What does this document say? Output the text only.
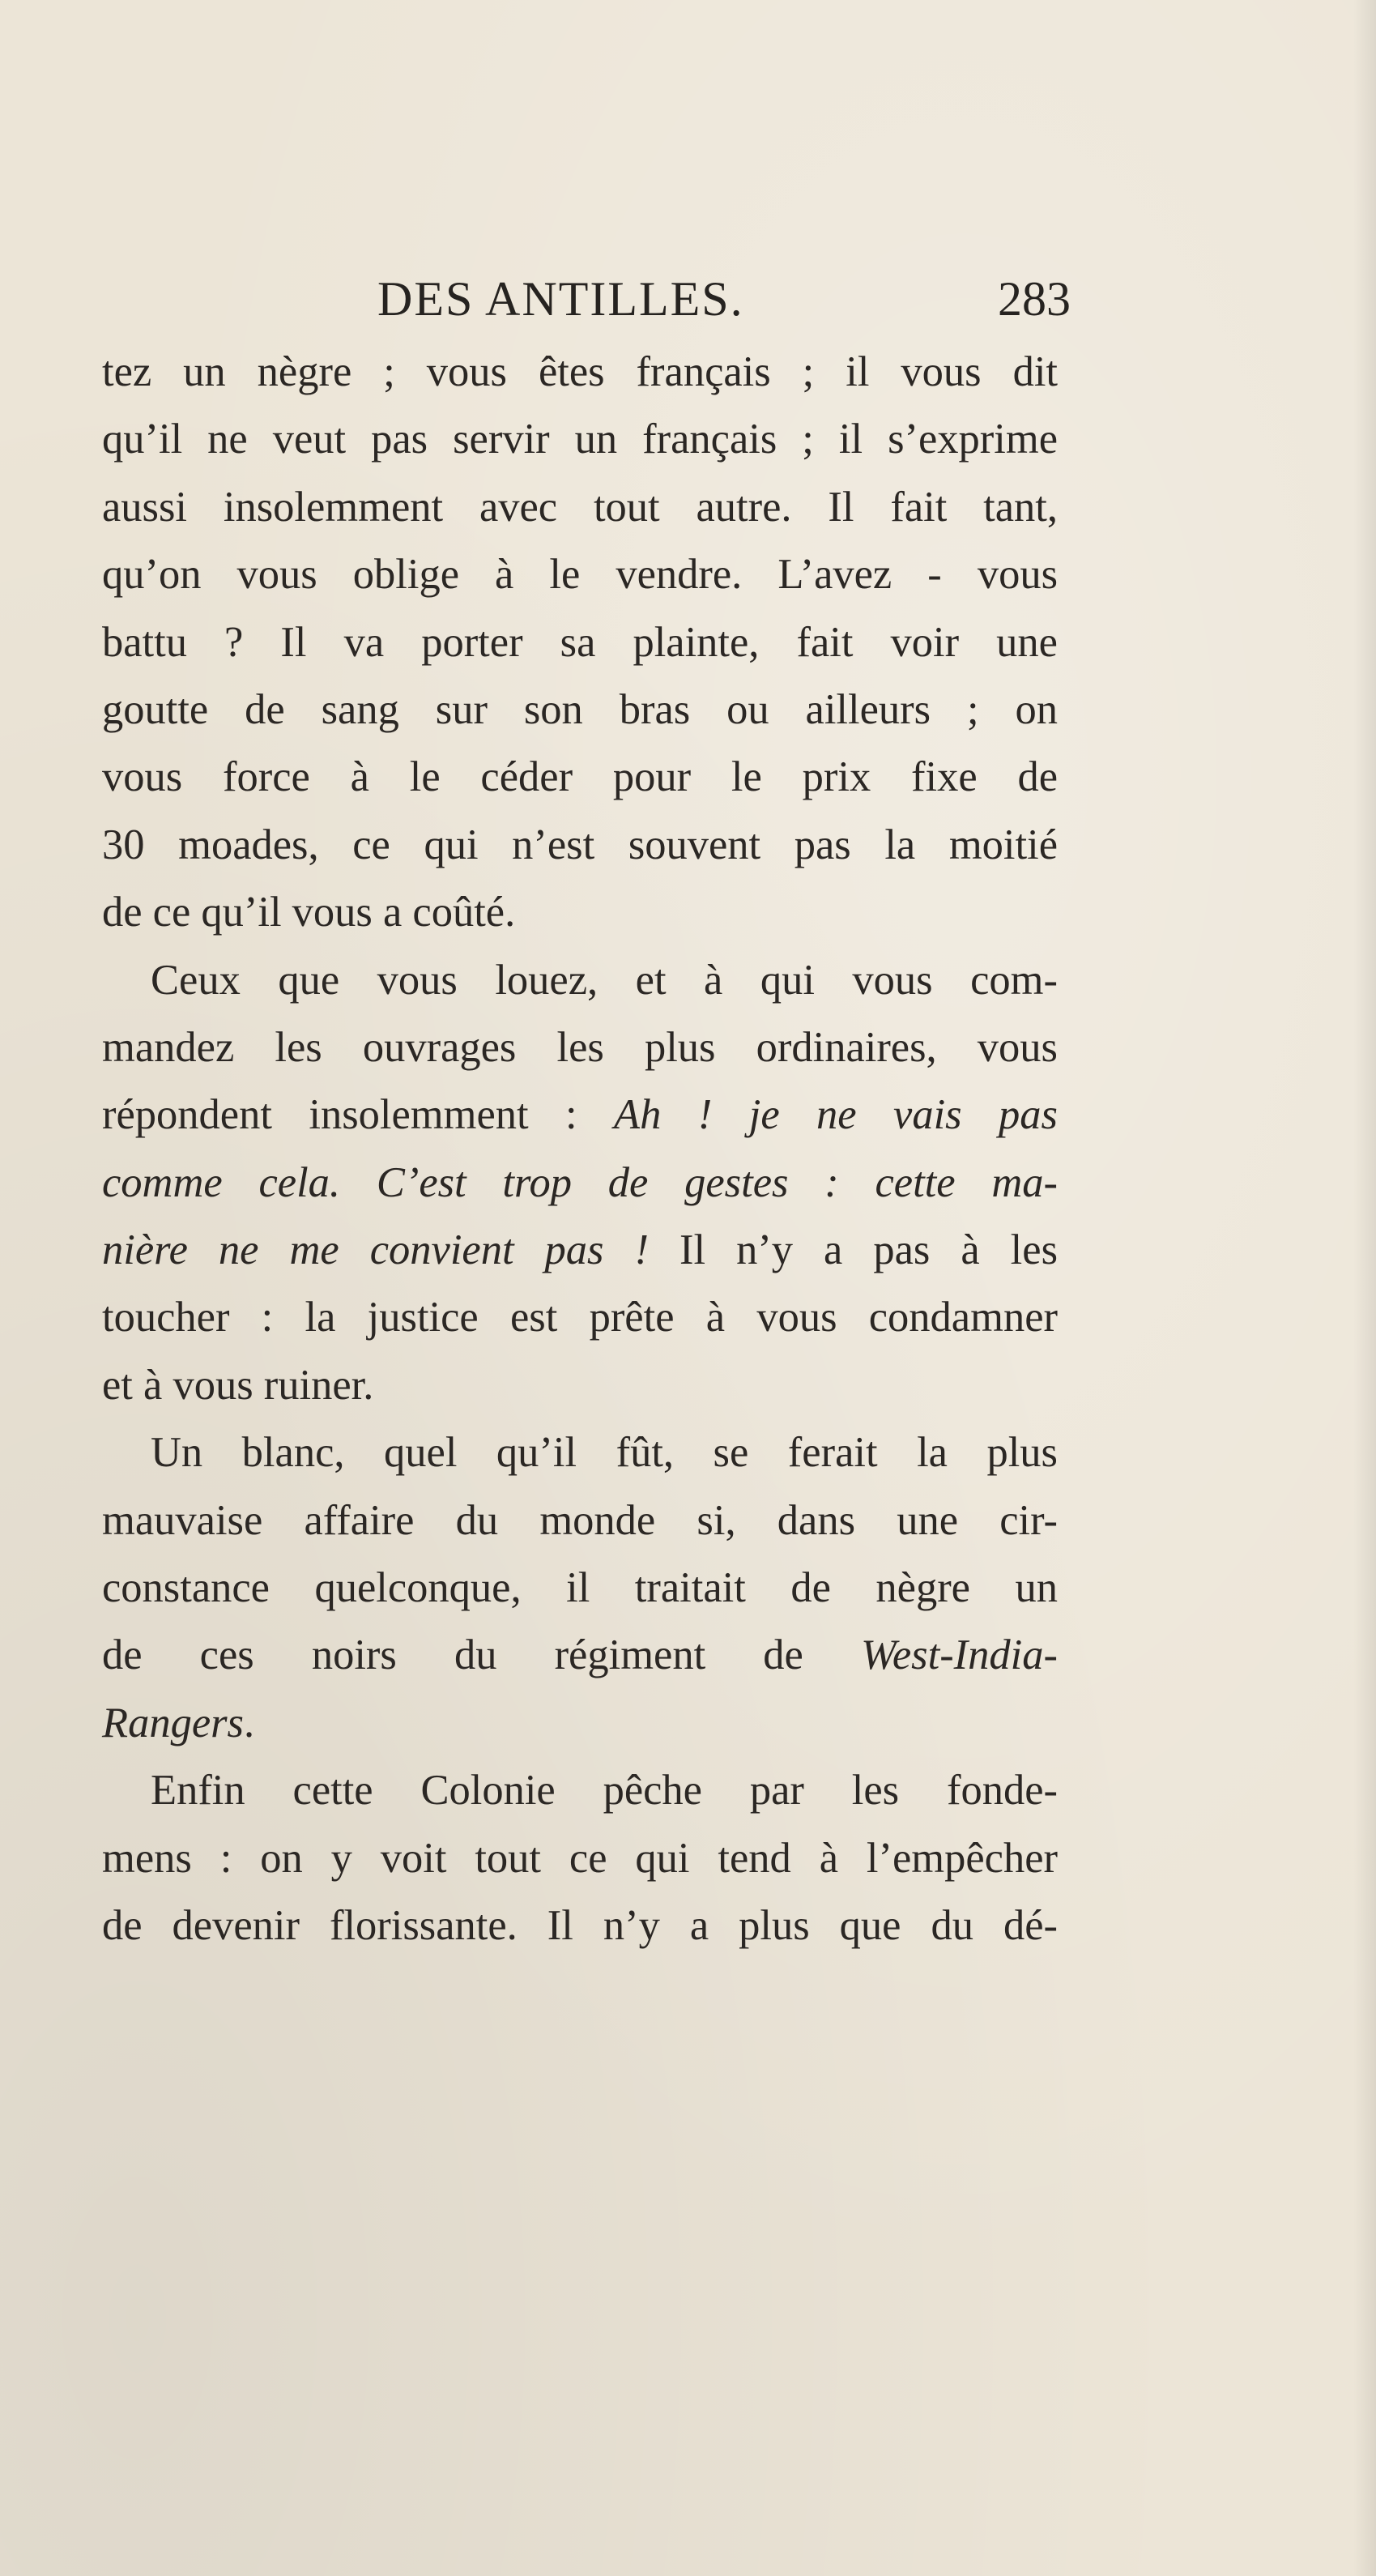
DES ANTILLES.	283
tez un nègre ; vous êtes français ; il vous dit
qu’il ne veut pas servir un français ; il s’exprime
aussi insolemment avec tout autre. Il fait tant,
qu’on vous oblige à le vendre. L’avez - vous
battu ? Il va porter sa plainte, fait voir une
goutte de sang sur son bras ou ailleurs ; on
vous force à le céder pour le prix fixe de
30 moades, ce qui n’est souvent pas la moitié
de ce qu’il vous a coûté.
Ceux que vous louez, et à qui vous com-
mandez les ouvrages les plus ordinaires, vous
répondent insolemment : Ah ! je ne vais pas
comme cela. C’est trop de gestes : cette ma-
nière ne me convient pas ! Il n’y a pas à les
toucher : la justice est prête à vous condamner
et à vous ruiner.
Un blanc, quel qu’il fût, se ferait la plus
mauvaise affaire du monde si, dans une cir-
constance quelconque, il traitait de nègre un
de ces noirs du régiment de West-India-
Rangers.
Enfin cette Colonie pêche par les fonde-
mens : on y voit tout ce qui tend à l’empêcher
de devenir florissante. Il n’y a plus que du dé-
